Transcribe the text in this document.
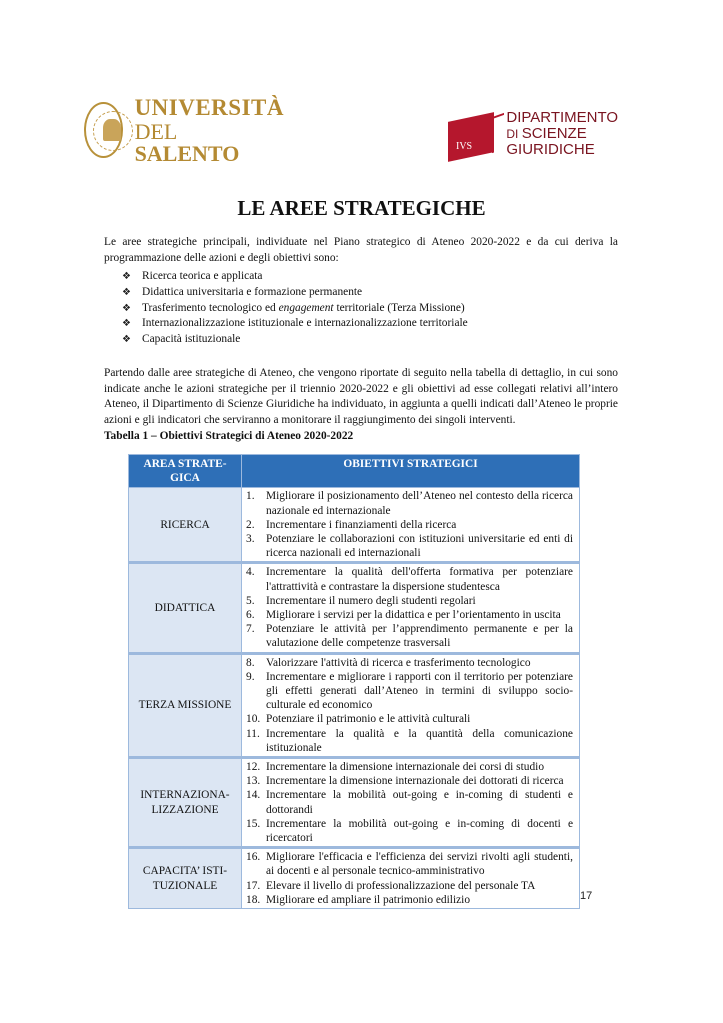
UNIVERSITÀ
DEL SALENTO	IVS
DIPARTIMENTO
DI SCIENZE GIURIDICHE
LE AREE STRATEGICHE

Le aree strategiche principali, individuate nel Piano strategico di Ateneo 2020-2022 e da cui deriva la programmazione delle azioni e degli obiettivi sono:

❖ Ricerca teorica e applicata
❖ Didattica universitaria e formazione permanente
❖ Trasferimento tecnologico ed engagement territoriale (Terza Missione)
❖ Internazionalizzazione istituzionale e internazionalizzazione territoriale
❖ Capacità istituzionale

Partendo dalle aree strategiche di Ateneo, che vengono riportate di seguito nella tabella di dettaglio, in cui sono indicate anche le azioni strategiche per il triennio 2020-2022 e gli obiettivi ad esse collegati relativi all’intero Ateneo, il Dipartimento di Scienze Giuridiche ha individuato, in aggiunta a quelli indicati dall’Ateneo le proprie azioni e gli indicatori che serviranno a monitorare il raggiungimento dei singoli interventi.

Tabella 1 – Obiettivi Strategici di Ateneo 2020-2022

AREA STRATE-GICA	OBIETTIVI STRATEGICI
RICERCA	
1.	Migliorare il posizionamento dell’Ateneo nel contesto della ricerca nazionale ed internazionale
2.	Incrementare i finanziamenti della ricerca
3.	Potenziare le collaborazioni con istituzioni universitarie ed enti di ricerca nazionali ed internazionali

DIDATTICA	
4.	Incrementare la qualità dell'offerta formativa per potenziare l'attrattività e contrastare la dispersione studentesca
5.	Incrementare il numero degli studenti regolari
6.	Migliorare i servizi per la didattica e per l’orientamento in uscita
7.	Potenziare le attività per l’apprendimento permanente e per la valutazione delle competenze trasversali

TERZA MISSIONE	
8.	Valorizzare l'attività di ricerca e trasferimento tecnologico
9.	Incrementare e migliorare i rapporti con il territorio per potenziare gli effetti generati dall’Ateneo in termini di sviluppo socio-culturale ed economico
10. Potenziare il patrimonio e le attività culturali
11. Incrementare la qualità e la quantità della comunicazione istituzionale

INTERNAZIONA-LIZZAZIONE	
12. Incrementare la dimensione internazionale dei corsi di studio
13. Incrementare la dimensione internazionale dei dottorati di ricerca
14. Incrementare la mobilità out-going e in-coming di studenti e dottorandi
15. Incrementare la mobilità out-going e in-coming di docenti e ricercatori

CAPACITA’ ISTI-TUZIONALE	
16. Migliorare l'efficacia e l'efficienza dei servizi rivolti agli studenti, ai docenti e al personale tecnico-amministrativo
17. Elevare il livello di professionalizzazione del personale TA
18. Migliorare ed ampliare il patrimonio edilizio	17
